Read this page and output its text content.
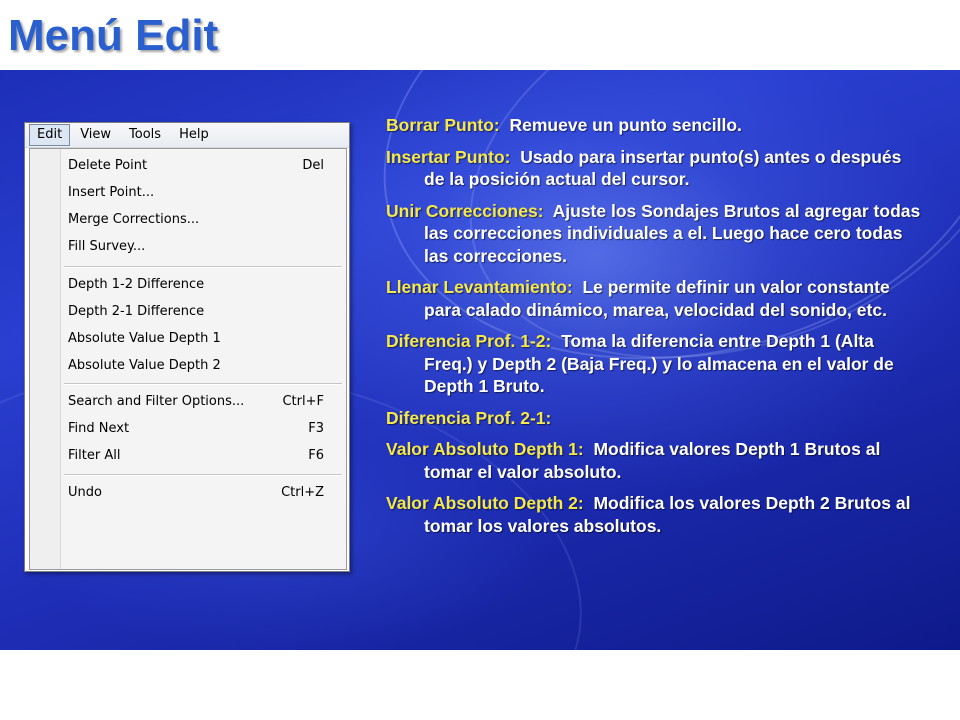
Menú Edit
Edit	View	Tools	Help
Delete Point	Del
Insert Point...
Merge Corrections...
Fill Survey...
Depth 1-2 Difference
Depth 2-1 Difference
Absolute Value Depth 1
Absolute Value Depth 2
Search and Filter Options...	Ctrl+F
Find Next	F3
Filter All	F6
Undo	Ctrl+Z

Borrar Punto: Remueve un punto sencillo.

Insertar Punto: Usado para insertar punto(s) antes o después de la posición actual del cursor.

Unir Correcciones: Ajuste los Sondajes Brutos al agregar todas las correcciones individuales a el. Luego hace cero todas las correcciones.

Llenar Levantamiento: Le permite definir un valor constante para calado dinámico, marea, velocidad del sonido, etc.

Diferencia Prof. 1-2: Toma la diferencia entre Depth 1 (Alta Freq.) y Depth 2 (Baja Freq.) y lo almacena en el valor de Depth 1 Bruto.

Diferencia Prof. 2-1:

Valor Absoluto Depth 1: Modifica valores Depth 1 Brutos al tomar el valor absoluto.

Valor Absoluto Depth 2: Modifica los valores Depth 2 Brutos al tomar los valores absolutos.
